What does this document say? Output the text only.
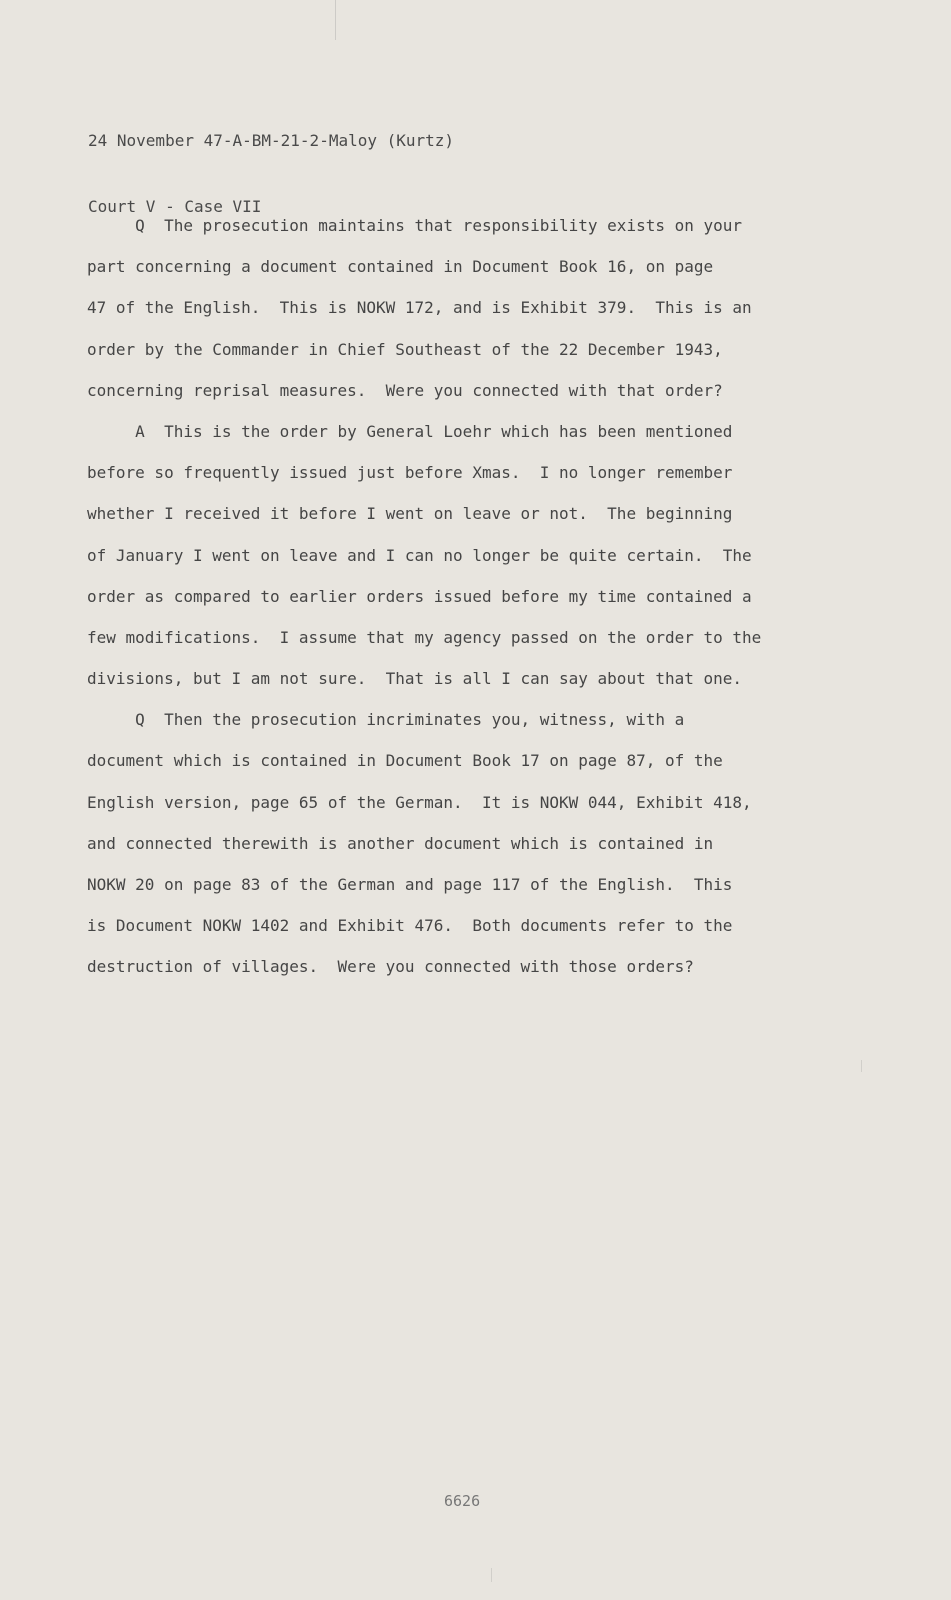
24 November 47-A-BM-21-2-Maloy (Kurtz)

Court V - Case VII

Q  The prosecution maintains that responsibility exists on your
part concerning a document contained in Document Book 16, on page
47 of the English.  This is NOKW 172, and is Exhibit 379.  This is an
order by the Commander in Chief Southeast of the 22 December 1943,
concerning reprisal measures.  Were you connected with that order?
A  This is the order by General Loehr which has been mentioned
before so frequently issued just before Xmas.  I no longer remember
whether I received it before I went on leave or not.  The beginning
of January I went on leave and I can no longer be quite certain.  The
order as compared to earlier orders issued before my time contained a
few modifications.  I assume that my agency passed on the order to the
divisions, but I am not sure.  That is all I can say about that one.
Q  Then the prosecution incriminates you, witness, with a
document which is contained in Document Book 17 on page 87, of the
English version, page 65 of the German.  It is NOKW 044, Exhibit 418,
and connected therewith is another document which is contained in
NOKW 20 on page 83 of the German and page 117 of the English.  This
is Document NOKW 1402 and Exhibit 476.  Both documents refer to the
destruction of villages.  Were you connected with those orders?
6626
